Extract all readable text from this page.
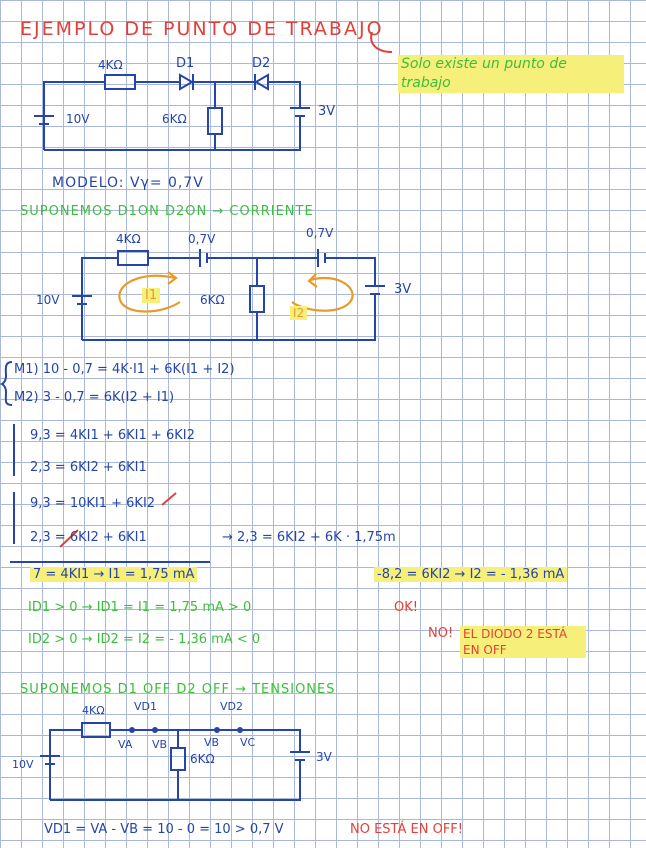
EJEMPLO DE PUNTO DE TRABAJO
Solo existe un punto de trabajo
4KΩ	D1	D2
10V	6KΩ	3V
MODELO: Vγ= 0,7V
SUPONEMOS D1ON D2ON → CORRIENTE
4KΩ	0,7V	0,7V
10V	6KΩ
3V
I1
I2
M1) 10 - 0,7 = 4K·I1 + 6K(I1 + I2)
M2) 3 - 0,7 = 6K(I2 + I1)
9,3 = 4KI1 + 6KI1 + 6KI2
2,3 = 6KI2 + 6KI1
9,3 = 10KI1 + 6KI2
2,3 = 6KI2 + 6KI1	→ 2,3 = 6KI2 + 6K · 1,75m
7 = 4KI1 → I1 = 1,75 mA	-8,2 = 6KI2 → I2 = - 1,36 mA
ID1 > 0 → ID1 = I1 = 1,75 mA > 0	OK!
ID2 > 0 → ID2 = I2 = - 1,36 mA < 0	NO! EL DIODO 2 ESTÁ EN OFF
SUPONEMOS D1 OFF D2 OFF → TENSIONES
4KΩ	VD1	VD2
VA VB	VB VC
10V	6KΩ	3V
VD1 = VA - VB = 10 - 0 = 10 > 0,7 V	NO ESTÁ EN OFF!
